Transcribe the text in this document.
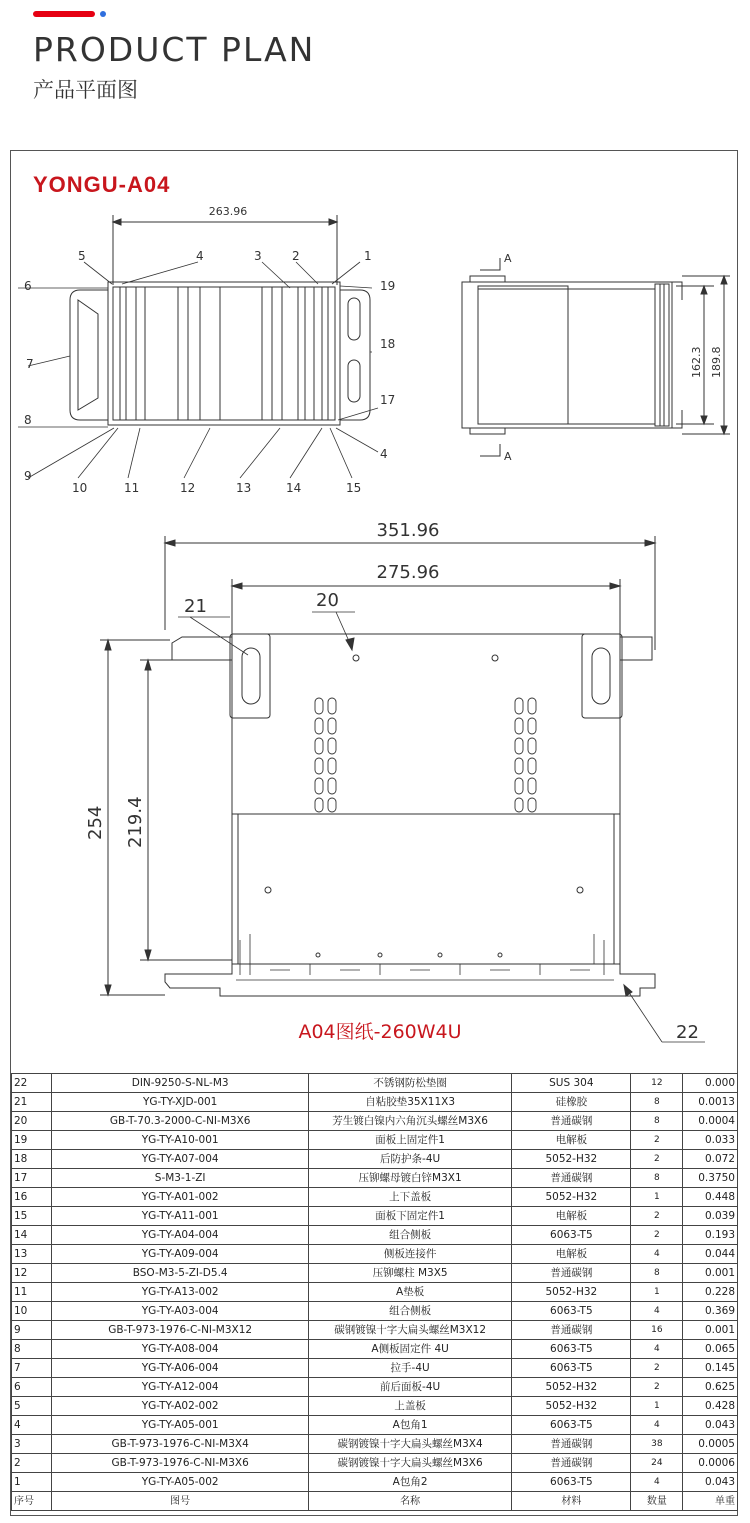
PRODUCT PLAN
产品平面图
YONGU-A04
263.96
5	4	3	2	1
6
7
8
9
19
18
17
4
10	11	12	13	14	15
A
A
162.3 189.8
351.96
275.96
254 219.4
21	20
22
A04图纸-260W4U
22	DIN-9250-S-NL-M3	不锈钢防松垫圈	SUS 304	12	0.000
21	YG-TY-XJD-001	自粘胶垫35X11X3	硅橡胶	8	0.0013
20	GB-T-70.3-2000-C-NI-M3X6	芳生镀白镍内六角沉头螺丝M3X6	普通碳钢	8	0.0004
19	YG-TY-A10-001	面板上固定件1	电解板	2	0.033
18	YG-TY-A07-004	后防护条-4U	5052-H32	2	0.072
17	S-M3-1-ZI	压铆螺母镀白锌M3X1	普通碳钢	8	0.3750
16	YG-TY-A01-002	上下盖板	5052-H32	1	0.448
15	YG-TY-A11-001	面板下固定件1	电解板	2	0.039
14	YG-TY-A04-004	组合侧板	6063-T5	2	0.193
13	YG-TY-A09-004	侧板连接件	电解板	4	0.044
12	BSO-M3-5-ZI-D5.4	压铆螺柱 M3X5	普通碳钢	8	0.001
11	YG-TY-A13-002	A垫板	5052-H32	1	0.228
10	YG-TY-A03-004	组合侧板	6063-T5	4	0.369
9	GB-T-973-1976-C-NI-M3X12	碳钢镀镍十字大扁头螺丝M3X12	普通碳钢	16	0.001
8	YG-TY-A08-004	A侧板固定件 4U	6063-T5	4	0.065
7	YG-TY-A06-004	拉手-4U	6063-T5	2	0.145
6	YG-TY-A12-004	前后面板-4U	5052-H32	2	0.625
5	YG-TY-A02-002	上盖板	5052-H32	1	0.428
4	YG-TY-A05-001	A包角1	6063-T5	4	0.043
3	GB-T-973-1976-C-NI-M3X4	碳钢镀镍十字大扁头螺丝M3X4	普通碳钢	38	0.0005
2	GB-T-973-1976-C-NI-M3X6	碳钢镀镍十字大扁头螺丝M3X6	普通碳钢	24	0.0006
1	YG-TY-A05-002	A包角2	6063-T5	4	0.043
序号	图号	名称	材料	数量	单重
